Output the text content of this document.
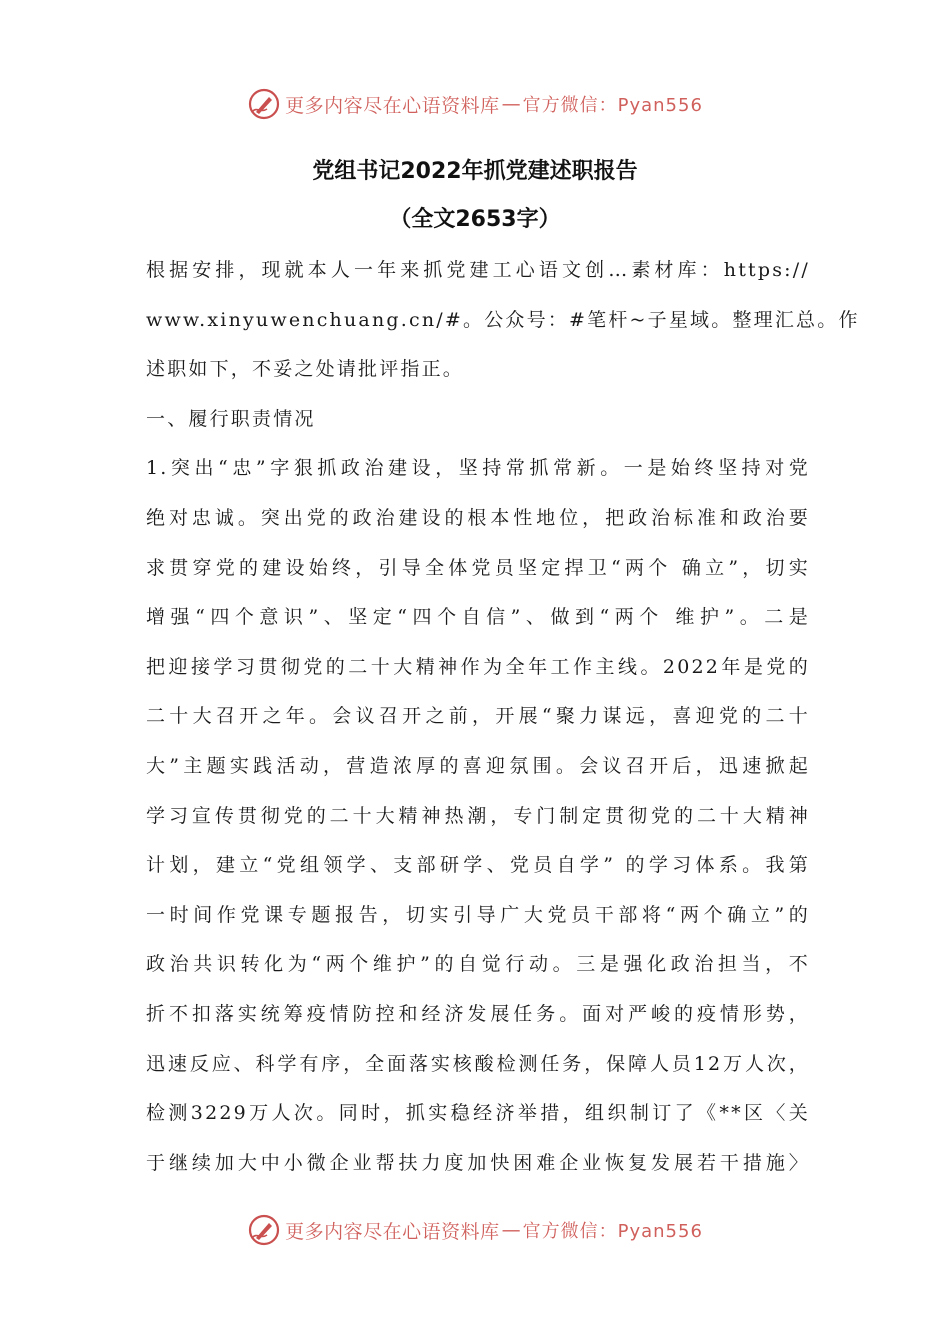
更多内容尽在心语资料库 — 官方微信：Pyan556
党组书记2022年抓党建述职报告
（全文2653字）
根据安排，现就本人一年来抓党建工心语文创…素材库：https://
www.xinyuwenchuang.cn/#。公众号：#笔杆~子星域。整理汇总。作
述职如下，不妥之处请批评指正。
一、履行职责情况
1.突出“忠”字狠抓政治建设，坚持常抓常新。一是始终坚持对党
绝对忠诚。突出党的政治建设的根本性地位，把政治标准和政治要
求贯穿党的建设始终，引导全体党员坚定捍卫“两个 确立”，切实
增强“四个意识”、坚定“四个自信”、做到“两个 维护”。二是
把迎接学习贯彻党的二十大精神作为全年工作主线。2022年是党的
二十大召开之年。会议召开之前，开展“聚力谋远，喜迎党的二十
大”主题实践活动，营造浓厚的喜迎氛围。会议召开后，迅速掀起
学习宣传贯彻党的二十大精神热潮，专门制定贯彻党的二十大精神
计划，建立“党组领学、支部研学、党员自学” 的学习体系。我第
一时间作党课专题报告，切实引导广大党员干部将“两个确立”的
政治共识转化为“两个维护”的自觉行动。三是强化政治担当，不
折不扣落实统筹疫情防控和经济发展任务。面对严峻的疫情形势，
迅速反应、科学有序，全面落实核酸检测任务，保障人员12万人次，
检测3229万人次。同时，抓实稳经济举措，组织制订了《**区〈关
于继续加大中小微企业帮扶力度加快困难企业恢复发展若干措施〉
更多内容尽在心语资料库 — 官方微信：Pyan556
